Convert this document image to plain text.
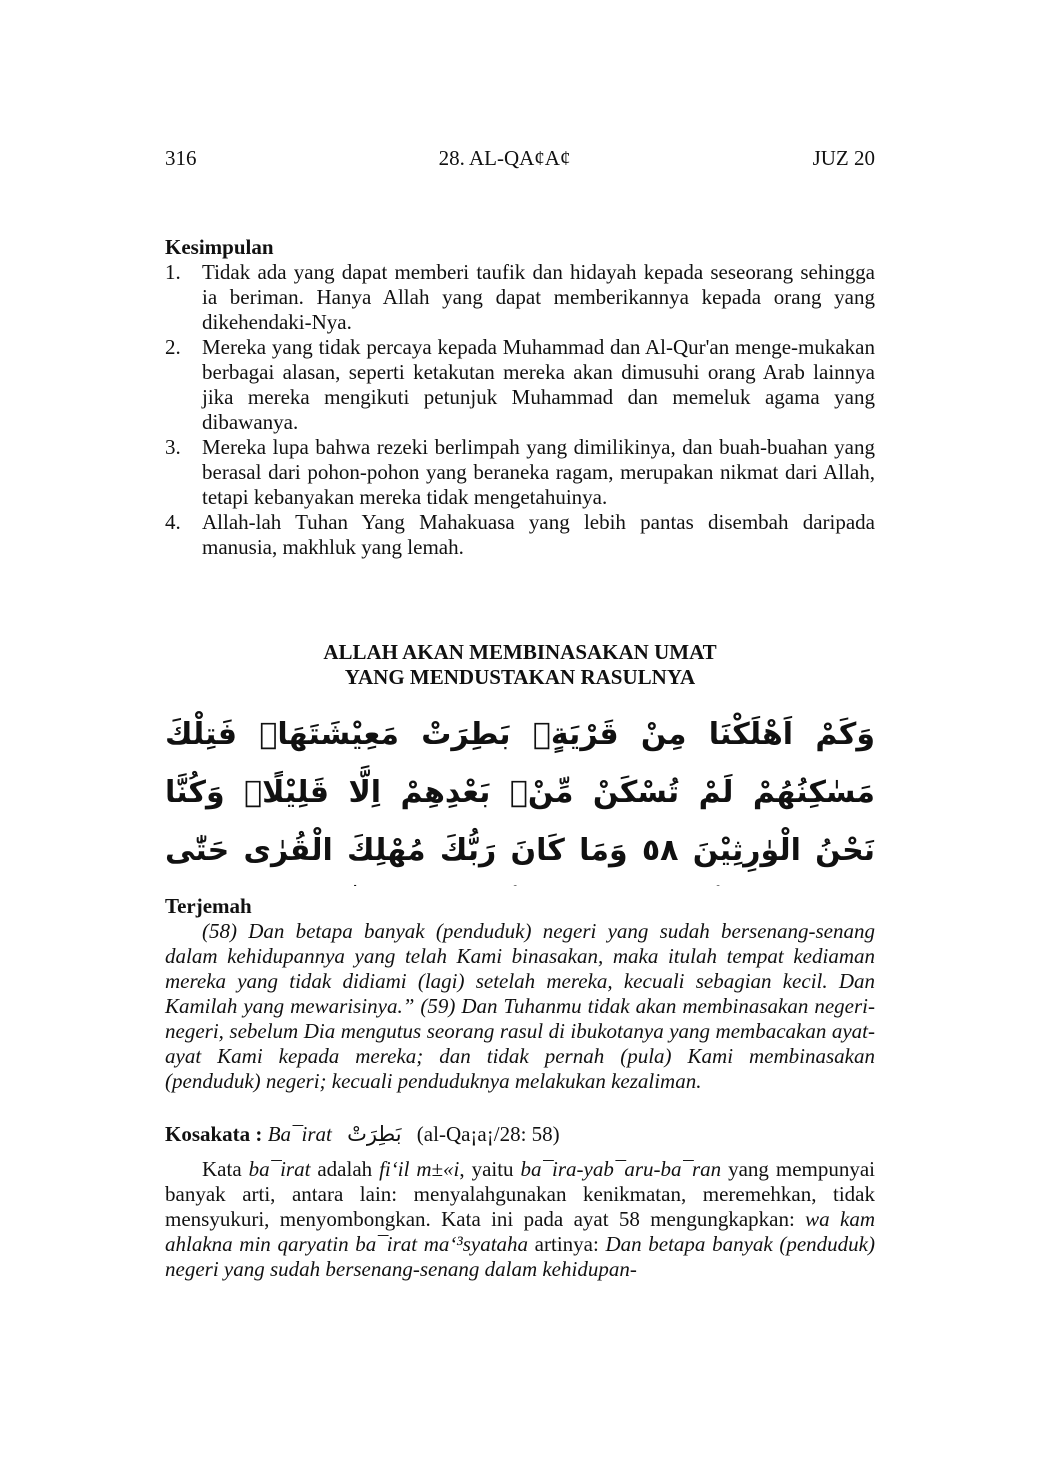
316	28. AL-QA¢A¢	JUZ 20
Kesimpulan
1.	Tidak ada yang dapat memberi taufik dan hidayah kepada seseorang sehingga ia beriman. Hanya Allah yang dapat memberikannya kepada orang yang dikehendaki-Nya.
2.	Mereka yang tidak percaya kepada Muhammad dan Al-Qur'an menge-mukakan berbagai alasan, seperti ketakutan mereka akan dimusuhi orang Arab lainnya jika mereka mengikuti petunjuk Muhammad dan memeluk agama yang dibawanya.
3.	Mereka lupa bahwa rezeki berlimpah yang dimilikinya, dan buah-buahan yang berasal dari pohon-pohon yang beraneka ragam, merupakan nikmat dari Allah, tetapi kebanyakan mereka tidak mengetahuinya.
4.	Allah-lah Tuhan Yang Mahakuasa yang lebih pantas disembah daripada manusia, makhluk yang lemah.
ALLAH AKAN MEMBINASAKAN UMAT
YANG MENDUSTAKAN RASULNYA
وَكَمْ اَهْلَكْنَا مِنْ قَرْيَةٍۢ بَطِرَتْ مَعِيْشَتَهَاۚ فَتِلْكَ مَسٰكِنُهُمْ لَمْ تُسْكَنْ مِّنْۢ بَعْدِهِمْ اِلَّا قَلِيْلًاۗ وَكُنَّا نَحْنُ الْوٰرِثِيْنَ ٥٨ وَمَا كَانَ رَبُّكَ مُهْلِكَ الْقُرٰى حَتّٰى
Terjemah

(58) Dan betapa banyak (penduduk) negeri yang sudah bersenang-senang dalam kehidupannya yang telah Kami binasakan, maka itulah tempat kediaman mereka yang tidak didiami (lagi) setelah mereka, kecuali sebagian kecil. Dan Kamilah yang mewarisinya.” (59) Dan Tuhanmu tidak akan membinasakan negeri-negeri, sebelum Dia mengutus seorang rasul di ibukotanya yang membacakan ayat-ayat Kami kepada mereka; dan tidak pernah (pula) Kami membinasakan (penduduk) negeri; kecuali penduduknya melakukan kezaliman.

Kosakata : Ba¯irat بَطِرَتْ (al-Qa¡a¡/28: 58)

Kata ba¯irat adalah fi‘il m±«i, yaitu ba¯ira-yab¯aru-ba¯ran yang mempunyai banyak arti, antara lain: menyalahgunakan kenikmatan, meremehkan, tidak mensyukuri, menyombongkan. Kata ini pada ayat 58 mengungkapkan: wa kam ahlakna min qaryatin ba¯irat ma‘³syataha artinya: Dan betapa banyak (penduduk) negeri yang sudah bersenang-senang dalam kehidupan-
